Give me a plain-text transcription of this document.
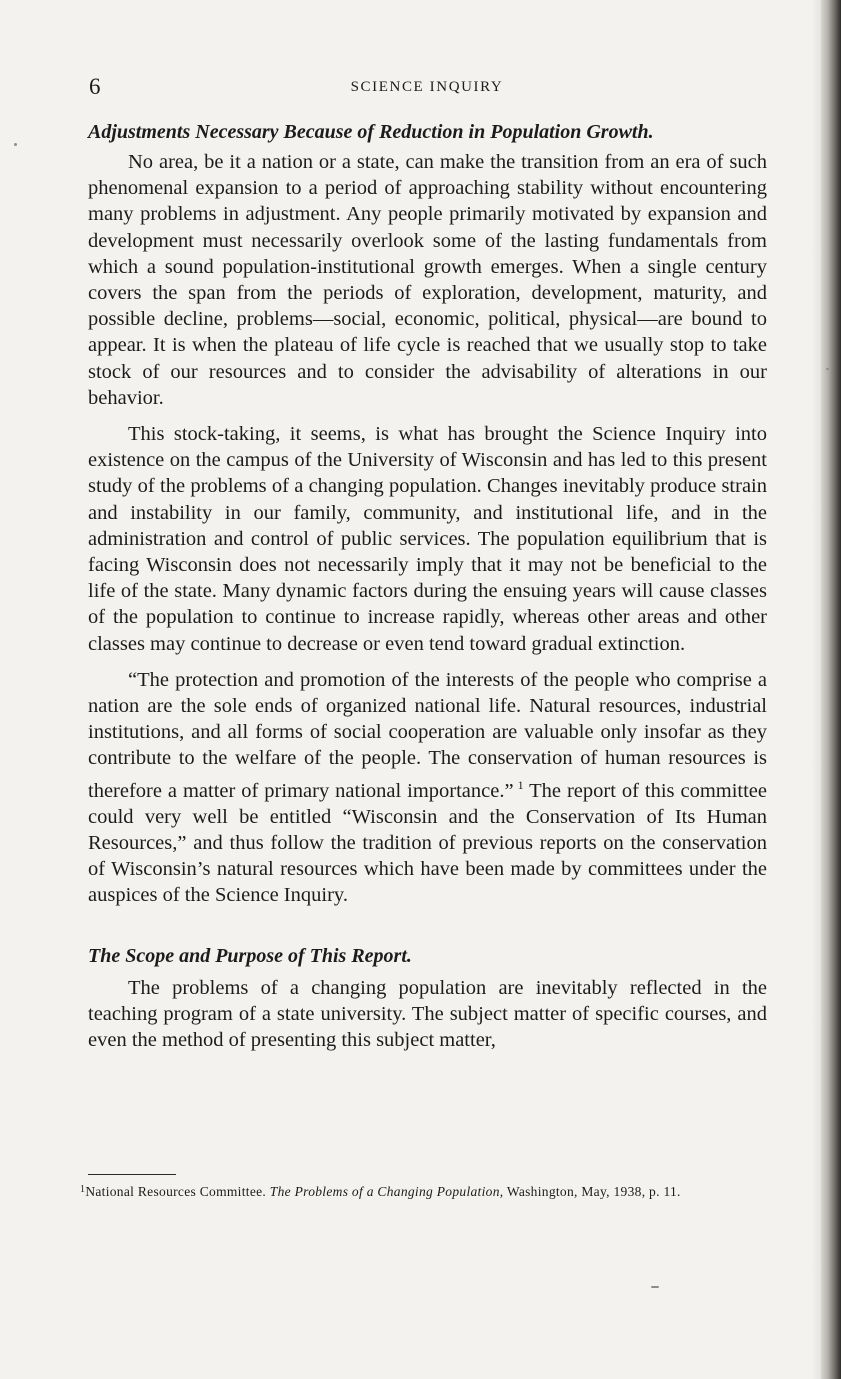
6	SCIENCE INQUIRY
Adjustments Necessary Because of Reduction in Population Growth.

No area, be it a nation or a state, can make the transition from an era of such phenomenal expansion to a period of approaching stability without encountering many problems in adjustment. Any people primarily motivated by expansion and development must necessarily overlook some of the lasting fundamentals from which a sound population-institutional growth emerges. When a single century covers the span from the periods of exploration, development, maturity, and possible decline, problems—social, economic, political, physical—are bound to appear. It is when the plateau of life cycle is reached that we usually stop to take stock of our resources and to consider the advisability of alterations in our behavior.

This stock-taking, it seems, is what has brought the Science Inquiry into existence on the campus of the University of Wisconsin and has led to this present study of the problems of a changing population. Changes inevitably produce strain and instability in our family, community, and institutional life, and in the administration and control of public services. The population equilibrium that is facing Wisconsin does not necessarily imply that it may not be beneficial to the life of the state. Many dynamic factors during the ensuing years will cause classes of the population to continue to increase rapidly, whereas other areas and other classes may continue to decrease or even tend toward gradual extinction.

“The protection and promotion of the interests of the people who comprise a nation are the sole ends of organized national life. Natural resources, industrial institutions, and all forms of social cooperation are valuable only insofar as they contribute to the welfare of the people. The conservation of human resources is therefore a matter of primary national importance.” $^1$ The report of this committee could very well be entitled “Wisconsin and the Conservation of Its Human Resources,” and thus follow the tradition of previous reports on the conservation of Wisconsin’s natural resources which have been made by committees under the auspices of the Science Inquiry.

The Scope and Purpose of This Report.

The problems of a changing population are inevitably reflected in the teaching program of a state university. The subject matter of specific courses, and even the method of presenting this subject matter,

$^1$National Resources Committee. The Problems of a Changing Population, Washington, May, 1938, p. 11.
